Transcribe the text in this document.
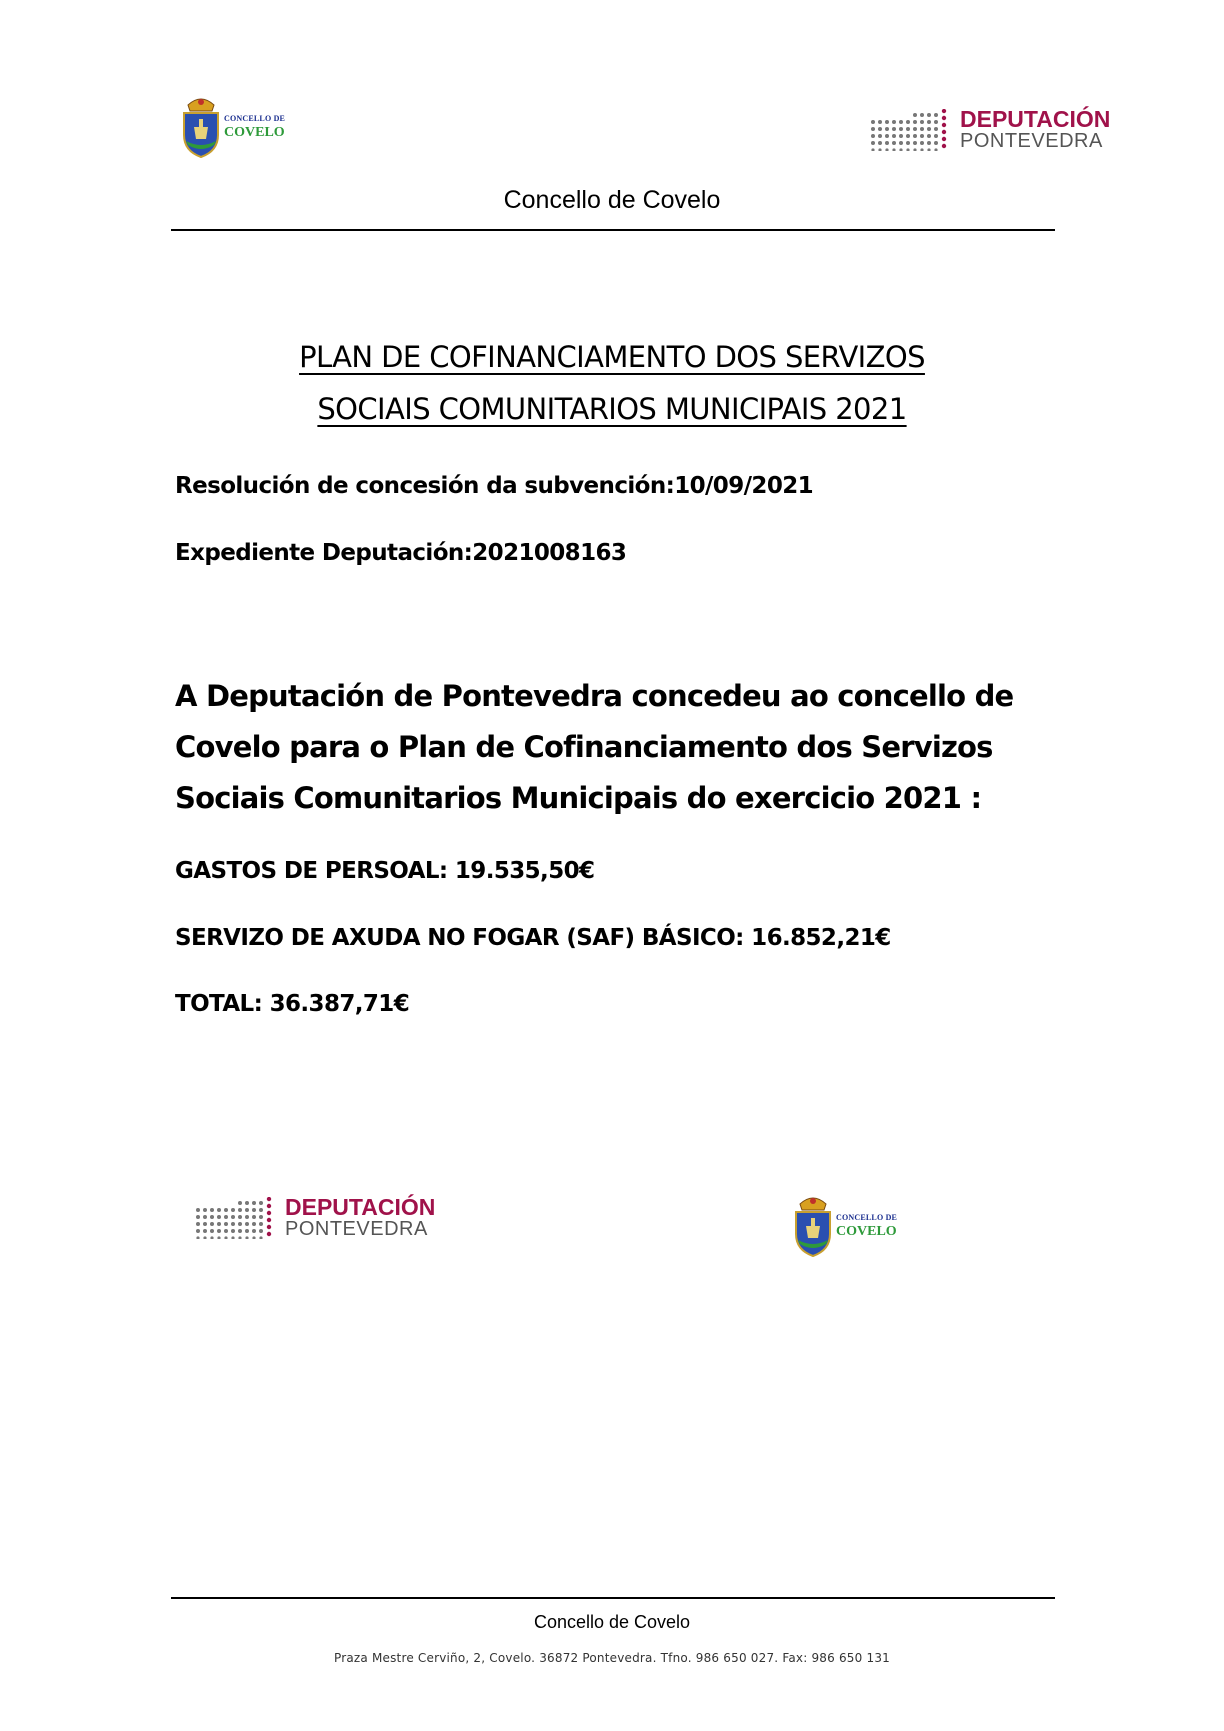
CONCELLO DE
COVELO	DEPUTACIÓN
PONTEVEDRA
Concello de Covelo
PLAN DE COFINANCIAMENTO DOS SERVIZOS
SOCIAIS COMUNITARIOS MUNICIPAIS 2021
Resolución de concesión da subvención:10/09/2021
Expediente Deputación:2021008163
A Deputación de Pontevedra concedeu ao concello de
Covelo para o Plan de Cofinanciamento dos Servizos
Sociais Comunitarios Municipais do exercicio 2021 :
GASTOS DE PERSOAL: 19.535,50€
SERVIZO DE AXUDA NO FOGAR (SAF) BÁSICO: 16.852,21€
TOTAL: 36.387,71€
DEPUTACIÓN
PONTEVEDRA
CONCELLO DE
COVELO
Concello de Covelo
Praza Mestre Cerviño, 2, Covelo. 36872 Pontevedra. Tfno. 986 650 027. Fax: 986 650 131
